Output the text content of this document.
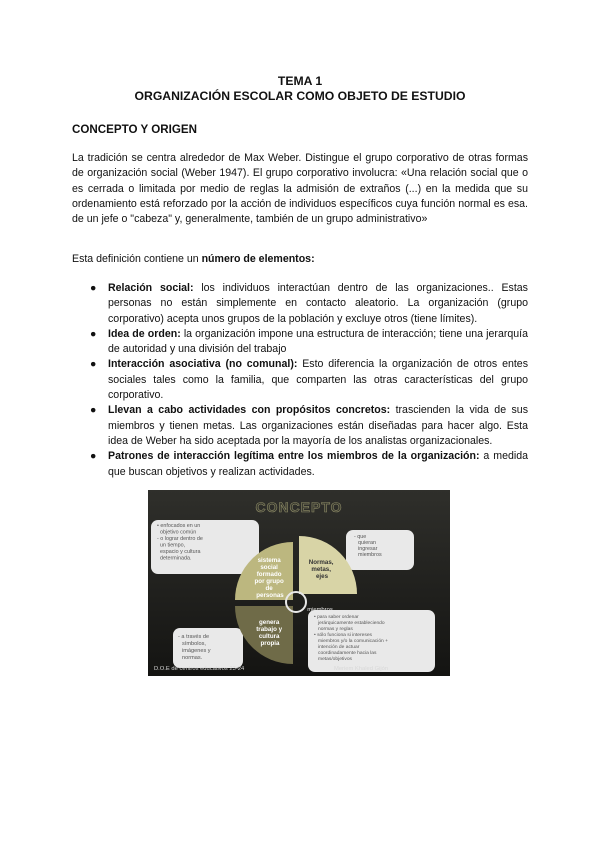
TEMA 1
ORGANIZACIÓN ESCOLAR COMO OBJETO DE ESTUDIO
CONCEPTO Y ORIGEN
La tradición se centra alrededor de Max Weber. Distingue el grupo corporativo de otras formas de organización social (Weber 1947). El grupo corporativo involucra: «Una relación social que o es cerrada o limitada por medio de reglas la admisión de extraños (...) en la medida que su ordenamiento está reforzado por la acción de individuos específicos cuya función normal es esa. de un jefe o "cabeza" y, generalmente, también de un grupo administrativo»
Esta definición contiene un número de elementos:
● Relación social: los individuos interactúan dentro de las organizaciones.. Estas personas no están simplemente en contacto aleatorio. La organización (grupo corporativo) acepta unos grupos de la población y excluye otros (tiene límites).
● Idea de orden: la organización impone una estructura de interacción; tiene una jerarquía de autoridad y una división del trabajo
● Interacción asociativa (no comunal): Esto diferencia la organización de otros entes sociales tales como la familia, que comparten las otras características del grupo corporativo.
● Llevan a cabo actividades con propósitos concretos: trascienden la vida de sus miembros y tienen metas. Las organizaciones están diseñadas para hacer algo. Esta idea de Weber ha sido aceptada por la mayoría de los analistas organizacionales.
● Patrones de interacción legítima entre los miembros de la organización: a medida que buscan objetivos y realizan actividades.
CONCEPTO
• enfocados en un objetivo común - o lograr dentro de un tiempo, espacio y cultura determinada.
- que quieran ingresar miembros
- a través de símbolos, imágenes y normas.
• para saber ordenar jerárquicamente estableciendo normas y reglas • sólo funciona si intereses miembros y/o la comunicación + intención de actuar coordinadamente hacia las metas/objetivos
sistema social formado por grupo de personas
Normas, metas, ejes
genera trabajo y cultura propia
miembros
D.O.E de centros educativos 23-24	Meriem Khaled Gijón
